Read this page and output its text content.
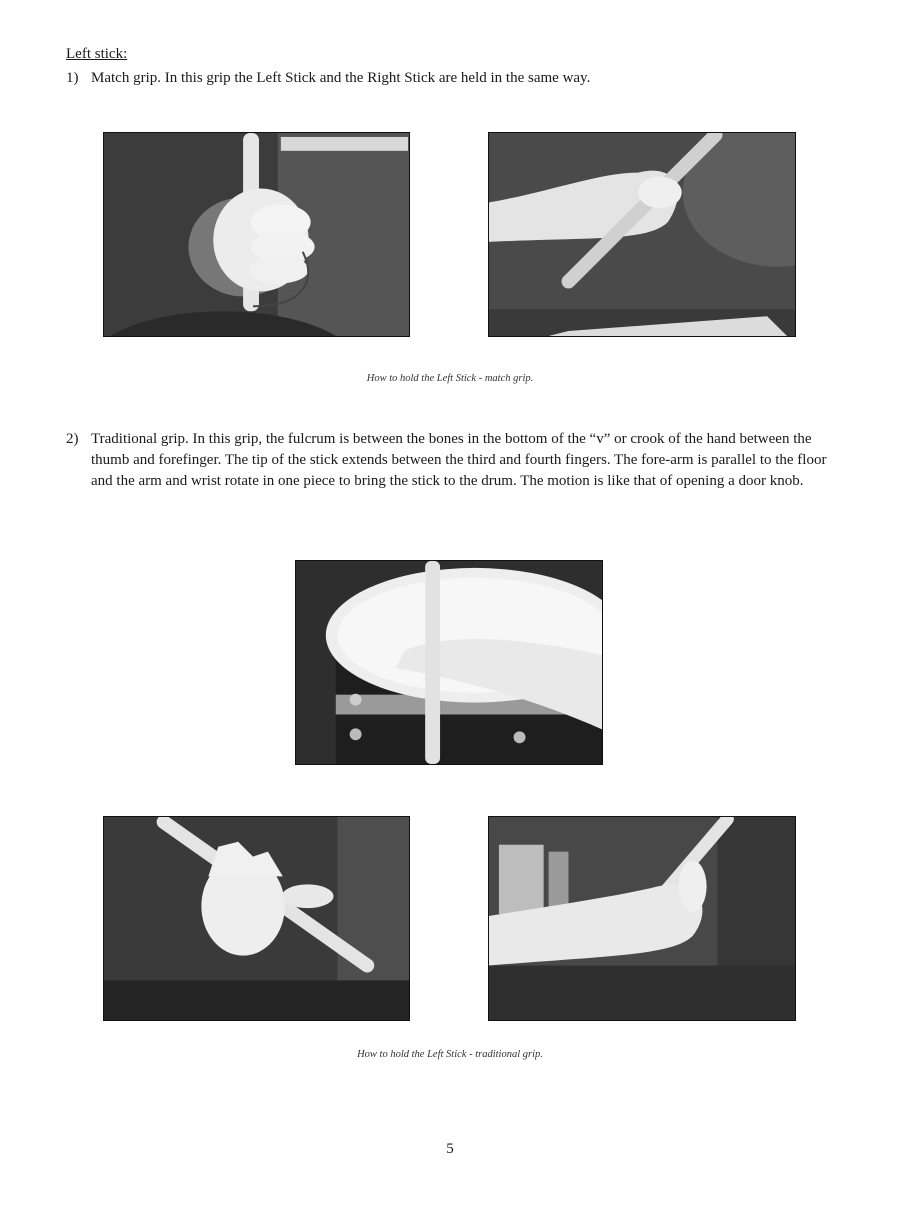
Left stick:
1) Match grip. In this grip the Left Stick and the Right Stick are held in the same way.
How to hold the Left Stick - match grip.
2) Traditional grip. In this grip, the fulcrum is between the bones in the bottom of the “v” or crook of the hand between the thumb and forefinger. The tip of the stick extends between the third and fourth fingers. The fore-arm is parallel to the floor and the arm and wrist rotate in one piece to bring the stick to the drum. The motion is like that of opening a door knob.
How to hold the Left Stick - traditional grip.
5
